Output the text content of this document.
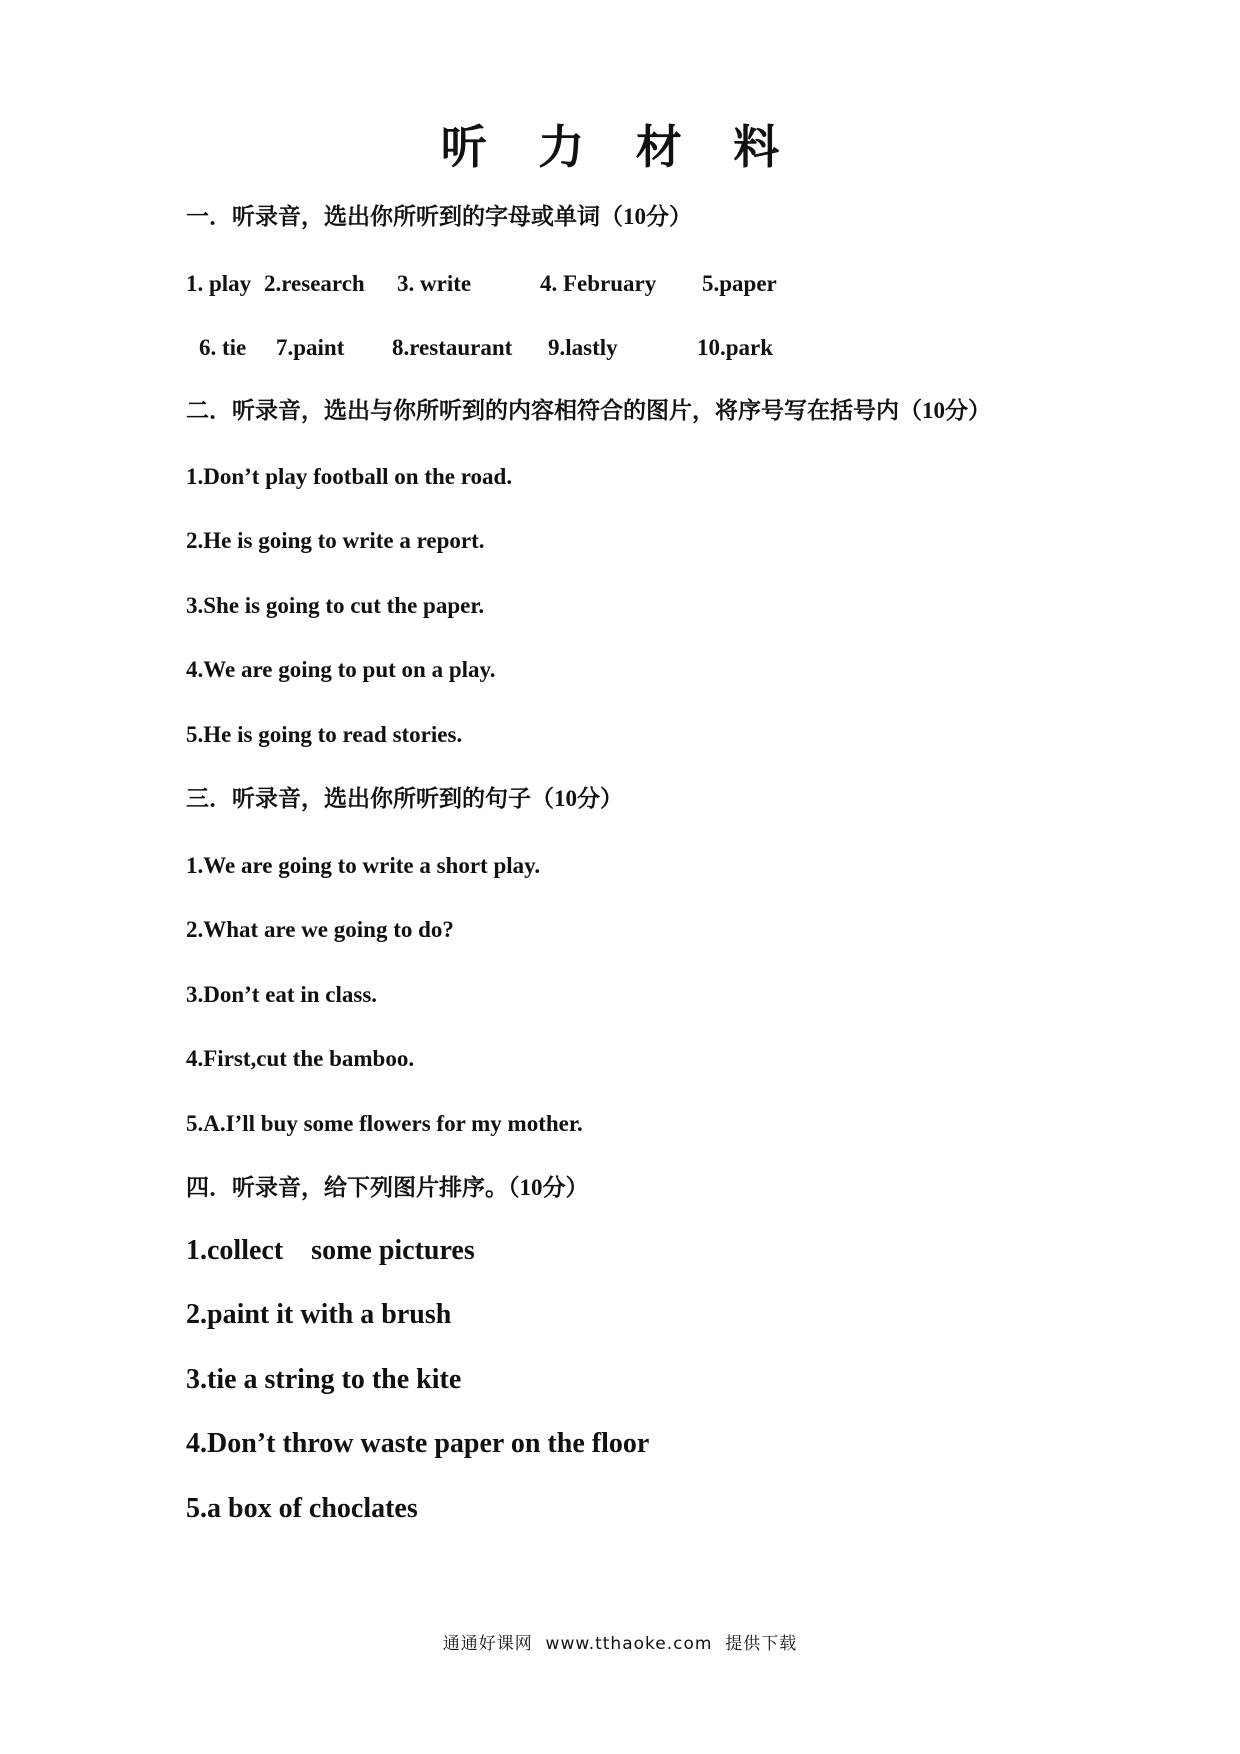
听 力 材 料
一．听录音，选出你所听到的字母或单词（10分）
1. play 2.research 3. write	4. February 5.paper
6. tie 7.paint 8.restaurant 9.lastly	10.park
二．听录音，选出与你所听到的内容相符合的图片，将序号写在括号内（10分）
1.Don’t play football on the road.
2.He is going to write a report.
3.She is going to cut the paper.
4.We are going to put on a play.
5.He is going to read stories.
三．听录音，选出你所听到的句子（10分）
1.We are going to write a short play.
2.What are we going to do?
3.Don’t eat in class.
4.First,cut the bamboo.
5.A.I’ll buy some flowers for my mother.
四．听录音，给下列图片排序。（10分）
1.collect    some pictures
2.paint it with a brush
3.tie a string to the kite
4.Don’t throw waste paper on the floor
5.a box of choclates
通通好课网  www.tthaoke.com  提供下载
